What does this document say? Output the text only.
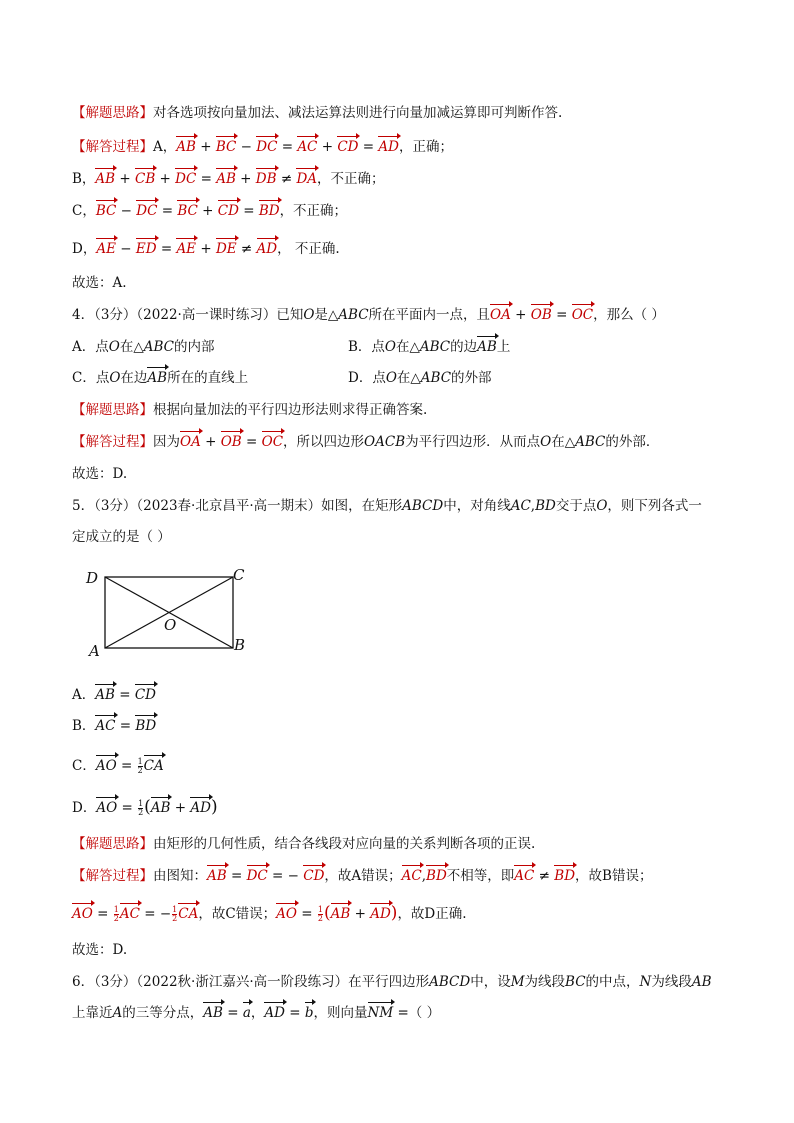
【解题思路】对各选项按向量加法、减法运算法则进行向量加减运算即可判断作答.
【解答过程】A，AB + BC − DC = AC + CD = AD，正确；
B，AB + CB + DC = AB + DB ≠ DA，不正确；
C，BC − DC = BC + CD = BD，不正确；
D，AE − ED = AE + DE ≠ AD， 不正确.
故选：A.
4．（3分）（2022·高一课时练习）已知O是△ABC所在平面内一点，且OA + OB = OC，那么（ ）
A．点O在△ABC的内部	B．点O在△ABC的边AB上
C．点O在边AB所在的直线上	D．点O在△ABC的外部
【解题思路】根据向量加法的平行四边形法则求得正确答案.
【解答过程】因为OA + OB = OC，所以四边形OACB为平行四边形．从而点O在△ABC的外部．
故选：D.
5．（3分）（2023春·北京昌平·高一期末）如图，在矩形ABCD中，对角线AC,BD交于点O，则下列各式一
定成立的是（ ）
D	C
A	B
O
A．AB = CD
B．AC = BD
C．AO = $\frac{1}{2}$ CA
D．AO = $\frac{1}{2} (AB + AD)$
【解题思路】由矩形的几何性质，结合各线段对应向量的关系判断各项的正误.
【解答过程】由图知：AB = DC = − CD，故A错误；AC,BD不相等，即AC ≠ BD，故B错误；
AO = $\frac{1}{2}$ AC = − $\frac{1}{2}$ CA，故C错误；AO = $\frac{1}{2} (AB + AD)$，故D正确.
故选：D.
6．（3分）（2022秋·浙江嘉兴·高一阶段练习）在平行四边形ABCD中，设M为线段BC的中点，N为线段AB
上靠近A的三等分点，AB = a，AD = b，则向量NM =（ ）
